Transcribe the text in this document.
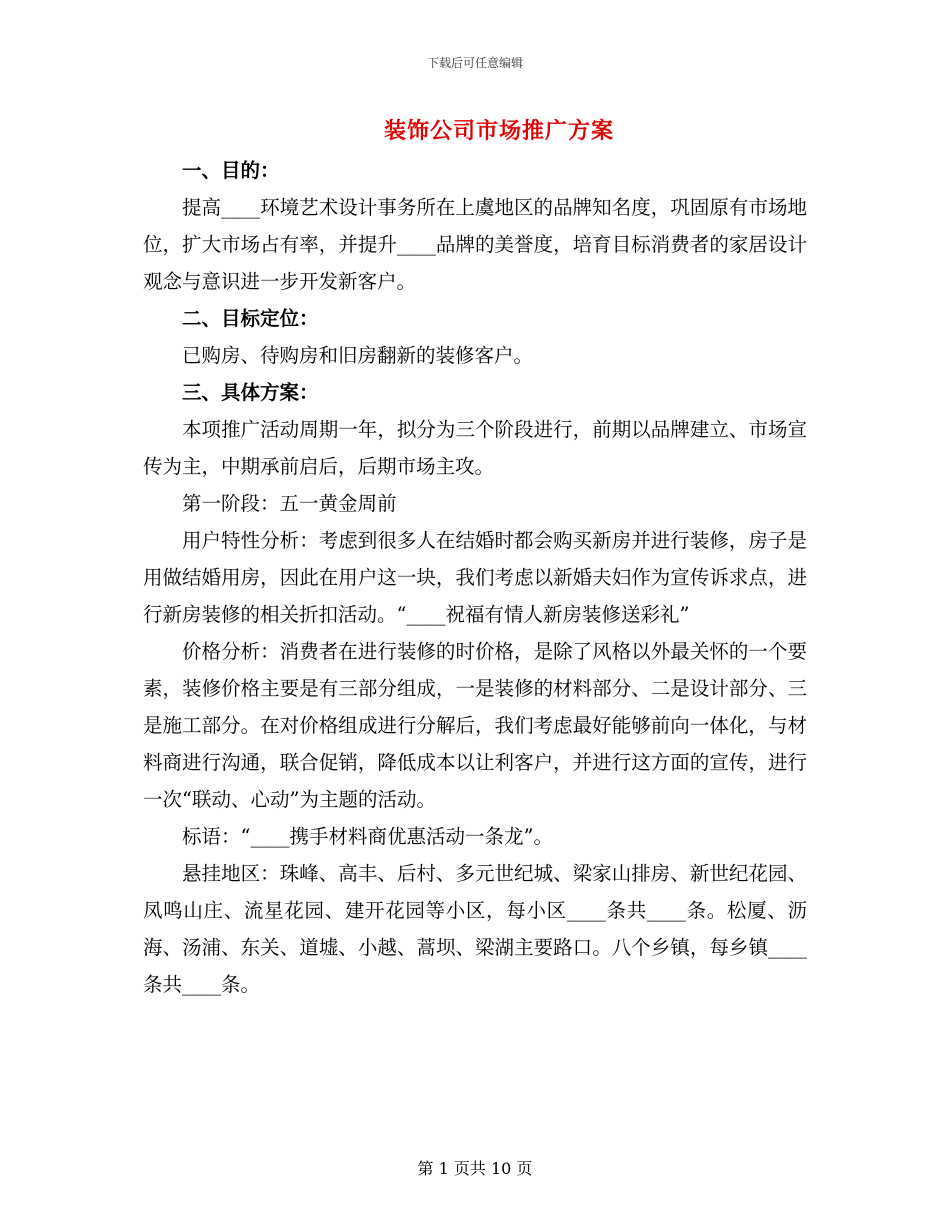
下载后可任意编辑
装饰公司市场推广方案

一、目的：

提高____环境艺术设计事务所在上虞地区的品牌知名度，巩固原有市场地位，扩大市场占有率，并提升____品牌的美誉度，培育目标消费者的家居设计观念与意识进一步开发新客户。

二、目标定位：

已购房、待购房和旧房翻新的装修客户。

三、具体方案：

本项推广活动周期一年，拟分为三个阶段进行，前期以品牌建立、市场宣传为主，中期承前启后，后期市场主攻。

第一阶段：五一黄金周前

用户特性分析：考虑到很多人在结婚时都会购买新房并进行装修，房子是用做结婚用房，因此在用户这一块，我们考虑以新婚夫妇作为宣传诉求点，进行新房装修的相关折扣活动。“____祝福有情人新房装修送彩礼”

价格分析：消费者在进行装修的时价格，是除了风格以外最关怀的一个要素，装修价格主要是有三部分组成，一是装修的材料部分、二是设计部分、三是施工部分。在对价格组成进行分解后，我们考虑最好能够前向一体化，与材料商进行沟通，联合促销，降低成本以让利客户，并进行这方面的宣传，进行一次“联动、心动”为主题的活动。

标语：“____携手材料商优惠活动一条龙”。

悬挂地区：珠峰、高丰、后村、多元世纪城、梁家山排房、新世纪花园、凤鸣山庄、流星花园、建开花园等小区，每小区____条共____条。松厦、沥海、汤浦、东关、道墟、小越、蒿坝、梁湖主要路口。八个乡镇，每乡镇____条共____条。

第 1 页共 10 页
